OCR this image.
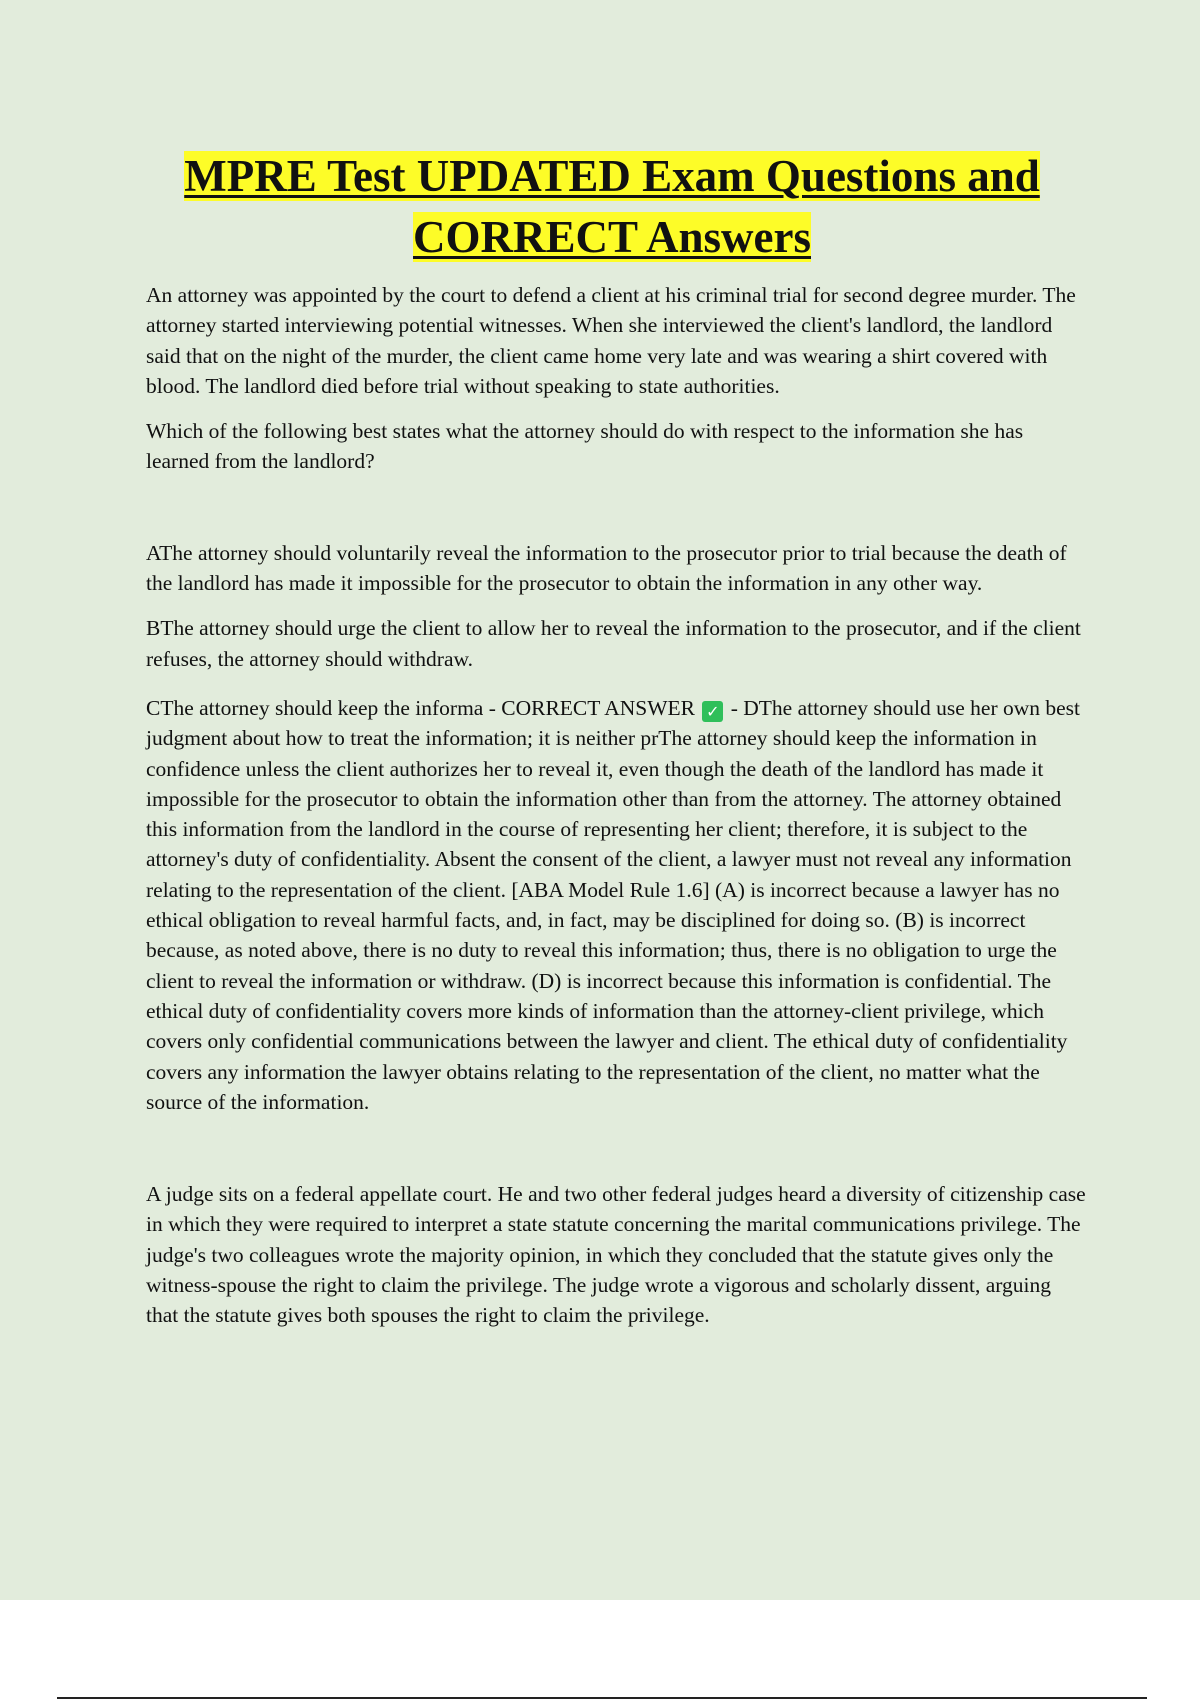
MPRE Test UPDATED Exam Questions and
CORRECT Answers

An attorney was appointed by the court to defend a client at his criminal trial for second degree murder. The attorney started interviewing potential witnesses. When she interviewed the client's landlord, the landlord said that on the night of the murder, the client came home very late and was wearing a shirt covered with blood. The landlord died before trial without speaking to state authorities.

Which of the following best states what the attorney should do with respect to the information she has learned from the landlord?

AThe attorney should voluntarily reveal the information to the prosecutor prior to trial because the death of the landlord has made it impossible for the prosecutor to obtain the information in any other way.

BThe attorney should urge the client to allow her to reveal the information to the prosecutor, and if the client refuses, the attorney should withdraw.

CThe attorney should keep the informa - CORRECT ANSWER ✓ - DThe attorney should use her own best judgment about how to treat the information; it is neither prThe attorney should keep the information in confidence unless the client authorizes her to reveal it, even though the death of the landlord has made it impossible for the prosecutor to obtain the information other than from the attorney. The attorney obtained this information from the landlord in the course of representing her client; therefore, it is subject to the attorney's duty of confidentiality. Absent the consent of the client, a lawyer must not reveal any information relating to the representation of the client. [ABA Model Rule 1.6] (A) is incorrect because a lawyer has no ethical obligation to reveal harmful facts, and, in fact, may be disciplined for doing so. (B) is incorrect because, as noted above, there is no duty to reveal this information; thus, there is no obligation to urge the client to reveal the information or withdraw. (D) is incorrect because this information is confidential. The ethical duty of confidentiality covers more kinds of information than the attorney-client privilege, which covers only confidential communications between the lawyer and client. The ethical duty of confidentiality covers any information the lawyer obtains relating to the representation of the client, no matter what the source of the information.

A judge sits on a federal appellate court. He and two other federal judges heard a diversity of citizenship case in which they were required to interpret a state statute concerning the marital communications privilege. The judge's two colleagues wrote the majority opinion, in which they concluded that the statute gives only the witness-spouse the right to claim the privilege. The judge wrote a vigorous and scholarly dissent, arguing that the statute gives both spouses the right to claim the privilege.
